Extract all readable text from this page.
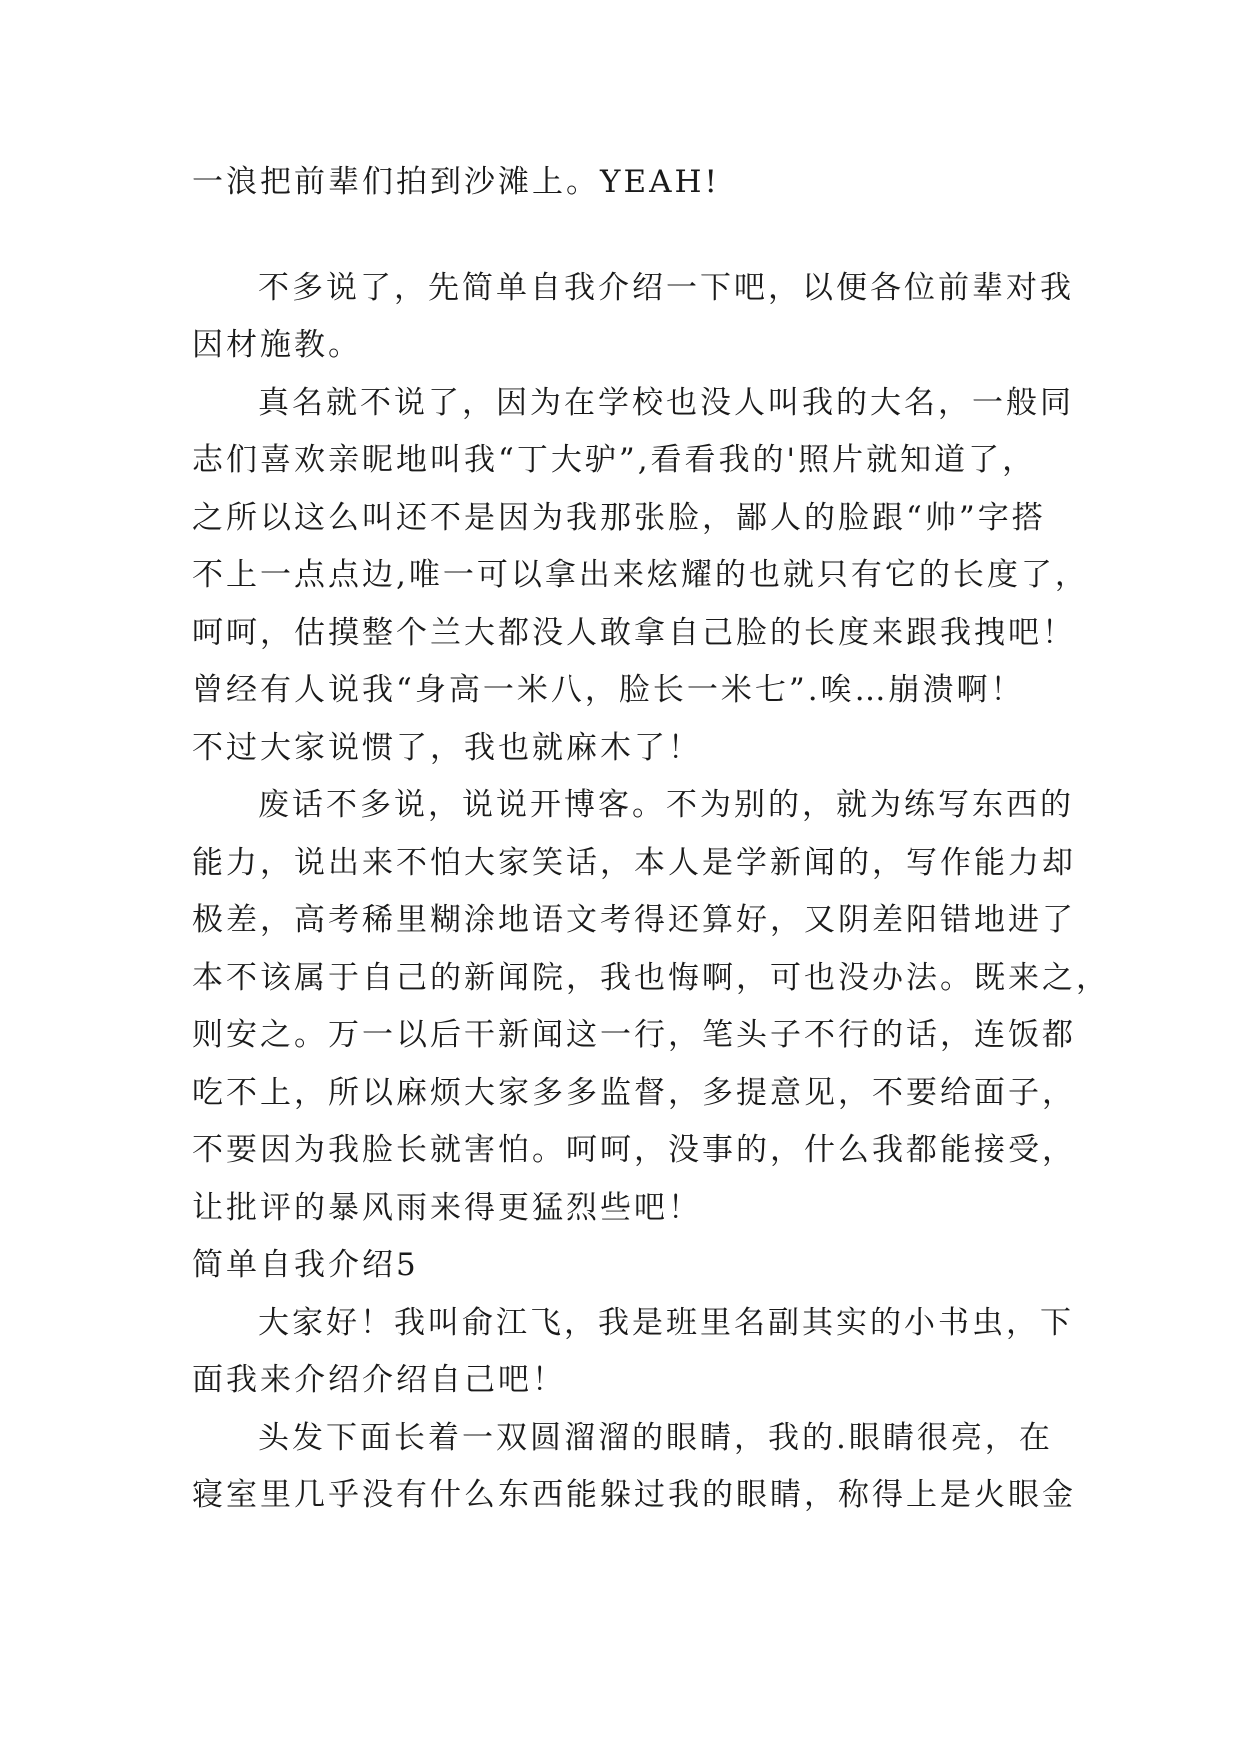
一浪把前辈们拍到沙滩上。YEAH!
不多说了，先简单自我介绍一下吧，以便各位前辈对我
因材施教。
真名就不说了，因为在学校也没人叫我的大名，一般同
志们喜欢亲昵地叫我“丁大驴”,看看我的'照片就知道了，
之所以这么叫还不是因为我那张脸，鄙人的脸跟“帅”字搭
不上一点点边,唯一可以拿出来炫耀的也就只有它的长度了，
呵呵，估摸整个兰大都没人敢拿自己脸的长度来跟我拽吧！
曾经有人说我“身高一米八，脸长一米七”.唉…崩溃啊！
不过大家说惯了，我也就麻木了！
废话不多说，说说开博客。不为别的，就为练写东西的
能力，说出来不怕大家笑话，本人是学新闻的，写作能力却
极差，高考稀里糊涂地语文考得还算好，又阴差阳错地进了
本不该属于自己的新闻院，我也悔啊，可也没办法。既来之，
则安之。万一以后干新闻这一行，笔头子不行的话，连饭都
吃不上，所以麻烦大家多多监督，多提意见，不要给面子，
不要因为我脸长就害怕。呵呵，没事的，什么我都能接受，
让批评的暴风雨来得更猛烈些吧！
简单自我介绍5
大家好！我叫俞江飞，我是班里名副其实的小书虫，下
面我来介绍介绍自己吧！
头发下面长着一双圆溜溜的眼睛，我的.眼睛很亮，在
寝室里几乎没有什么东西能躲过我的眼睛，称得上是火眼金
